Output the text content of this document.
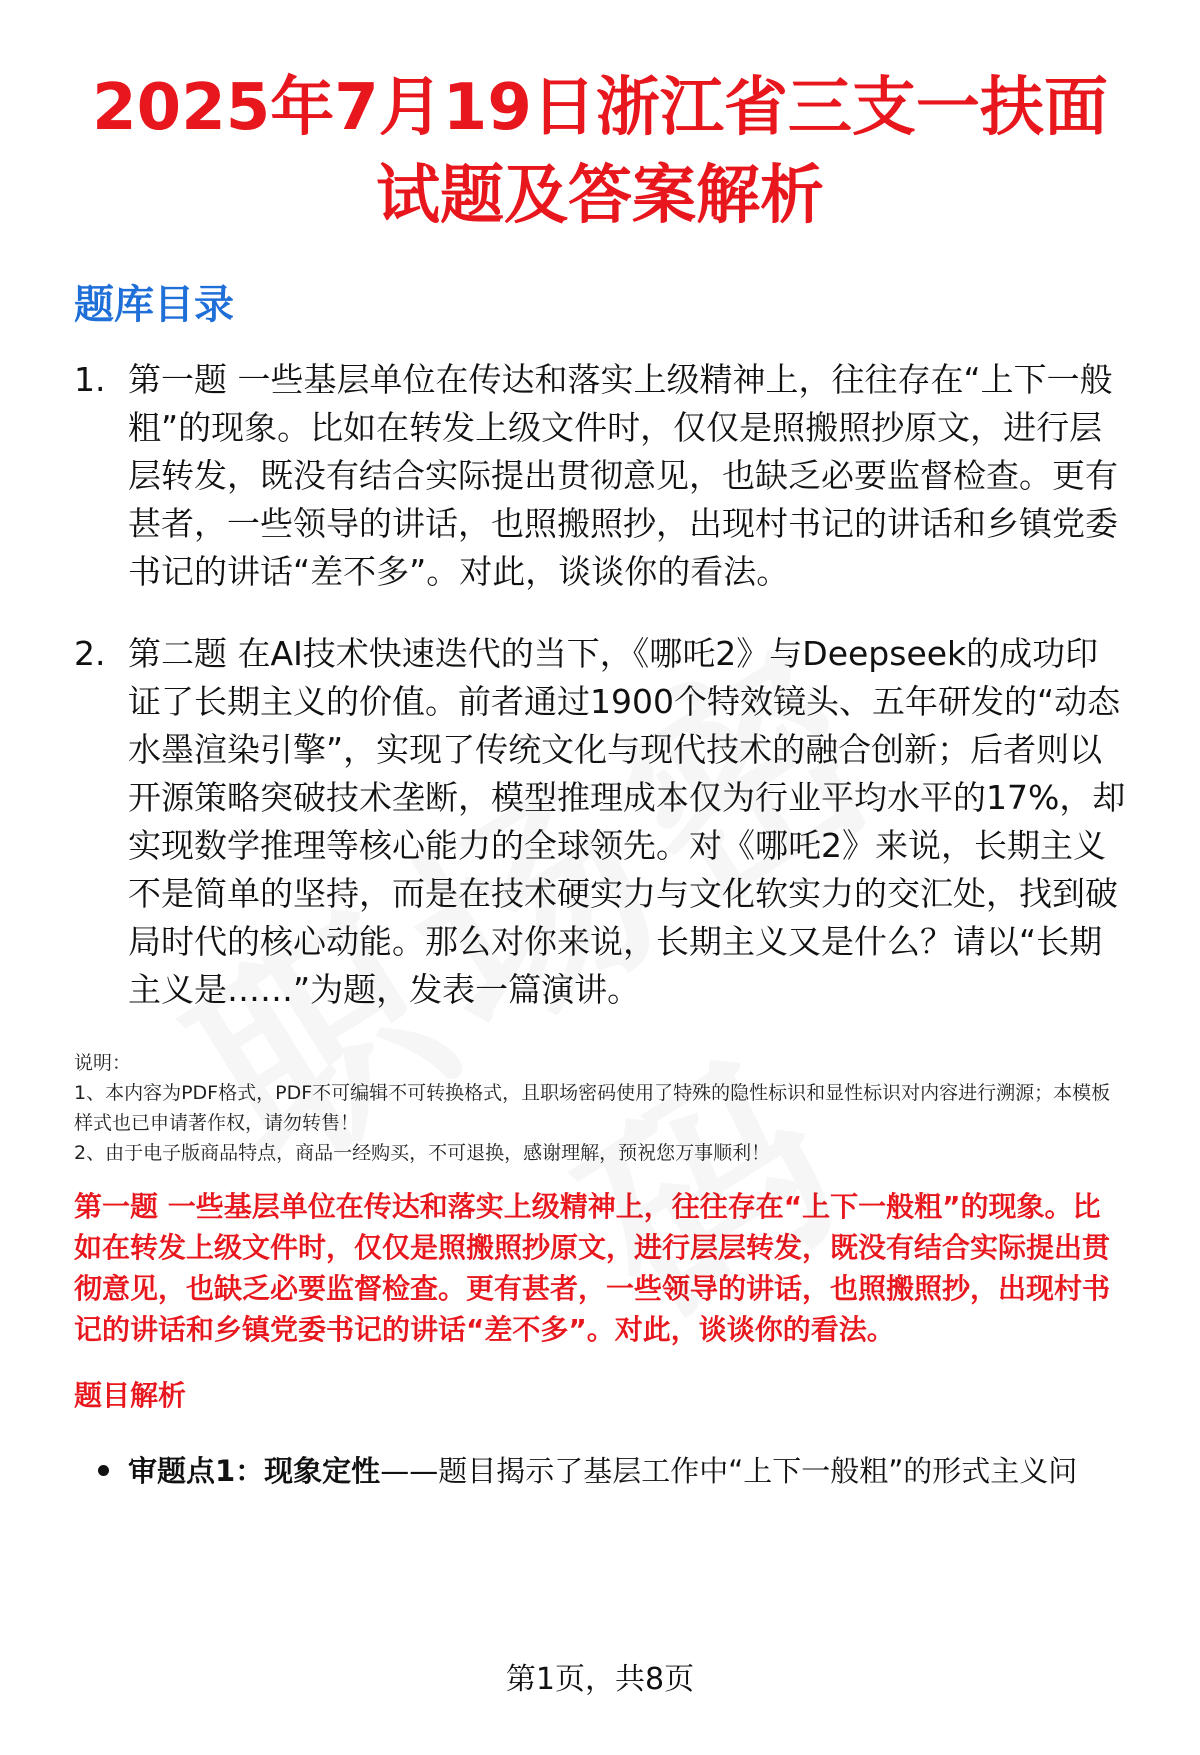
2025年7月19日浙江省三支一扶面试题及答案解析
题库目录
1. 第一题 一些基层单位在传达和落实上级精神上，往往存在“上下一般粗”的现象。比如在转发上级文件时，仅仅是照搬照抄原文，进行层层转发，既没有结合实际提出贯彻意见，也缺乏必要监督检查。更有甚者，一些领导的讲话，也照搬照抄，出现村书记的讲话和乡镇党委书记的讲话“差不多”。对此，谈谈你的看法。
2. 第二题 在AI技术快速迭代的当下，《哪吒2》与Deepseek的成功印证了长期主义的价值。前者通过1900个特效镜头、五年研发的“动态水墨渲染引擎”，实现了传统文化与现代技术的融合创新；后者则以开源策略突破技术垄断，模型推理成本仅为行业平均水平的17%，却实现数学推理等核心能力的全球领先。对《哪吒2》来说，长期主义不是简单的坚持，而是在技术硬实力与文化软实力的交汇处，找到破局时代的核心动能。那么对你来说，长期主义又是什么？请以“长期主义是……”为题，发表一篇演讲。
说明：
1、本内容为PDF格式，PDF不可编辑不可转换格式，且职场密码使用了特殊的隐性标识和显性标识对内容进行溯源；本模板样式也已申请著作权，请勿转售！
2、由于电子版商品特点，商品一经购买，不可退换，感谢理解，预祝您万事顺利！
第一题 一些基层单位在传达和落实上级精神上，往往存在“上下一般粗”的现象。比如在转发上级文件时，仅仅是照搬照抄原文，进行层层转发，既没有结合实际提出贯彻意见，也缺乏必要监督检查。更有甚者，一些领导的讲话，也照搬照抄，出现村书记的讲话和乡镇党委书记的讲话“差不多”。对此，谈谈你的看法。
题目解析
审题点1：现象定性——题目揭示了基层工作中“上下一般粗”的形式主义问
第1页，共8页
